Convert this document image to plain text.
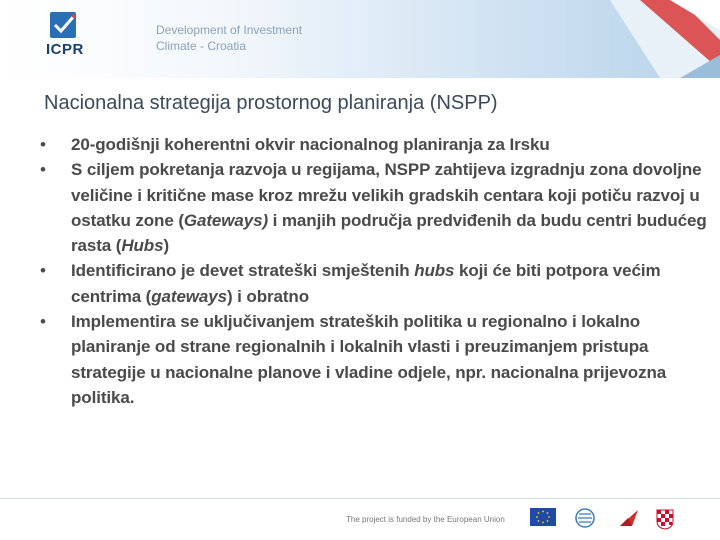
ICPR
Development of Investment
Climate - Croatia
Nacionalna strategija prostornog planiranja (NSPP)
• 20-godišnji koherentni okvir nacionalnog planiranja za Irsku
• S ciljem pokretanja razvoja u regijama, NSPP zahtijeva izgradnju zona dovoljne veličine i kritične mase kroz mrežu velikih gradskih centara koji potiču razvoj u ostatku zone (Gateways) i manjih područja predviđenih da budu centri budućeg rasta (Hubs)
• Identificirano je devet strateški smještenih hubs koji će biti potpora većim centrima (gateways) i obratno
• Implementira se uključivanjem strateških politika u regionalno i lokalno planiranje od strane regionalnih i lokalnih vlasti i preuzimanjem pristupa strategije u nacionalne planove i vladine odjele, npr. nacionalna prijevozna politika.
The project is funded by the European Union
